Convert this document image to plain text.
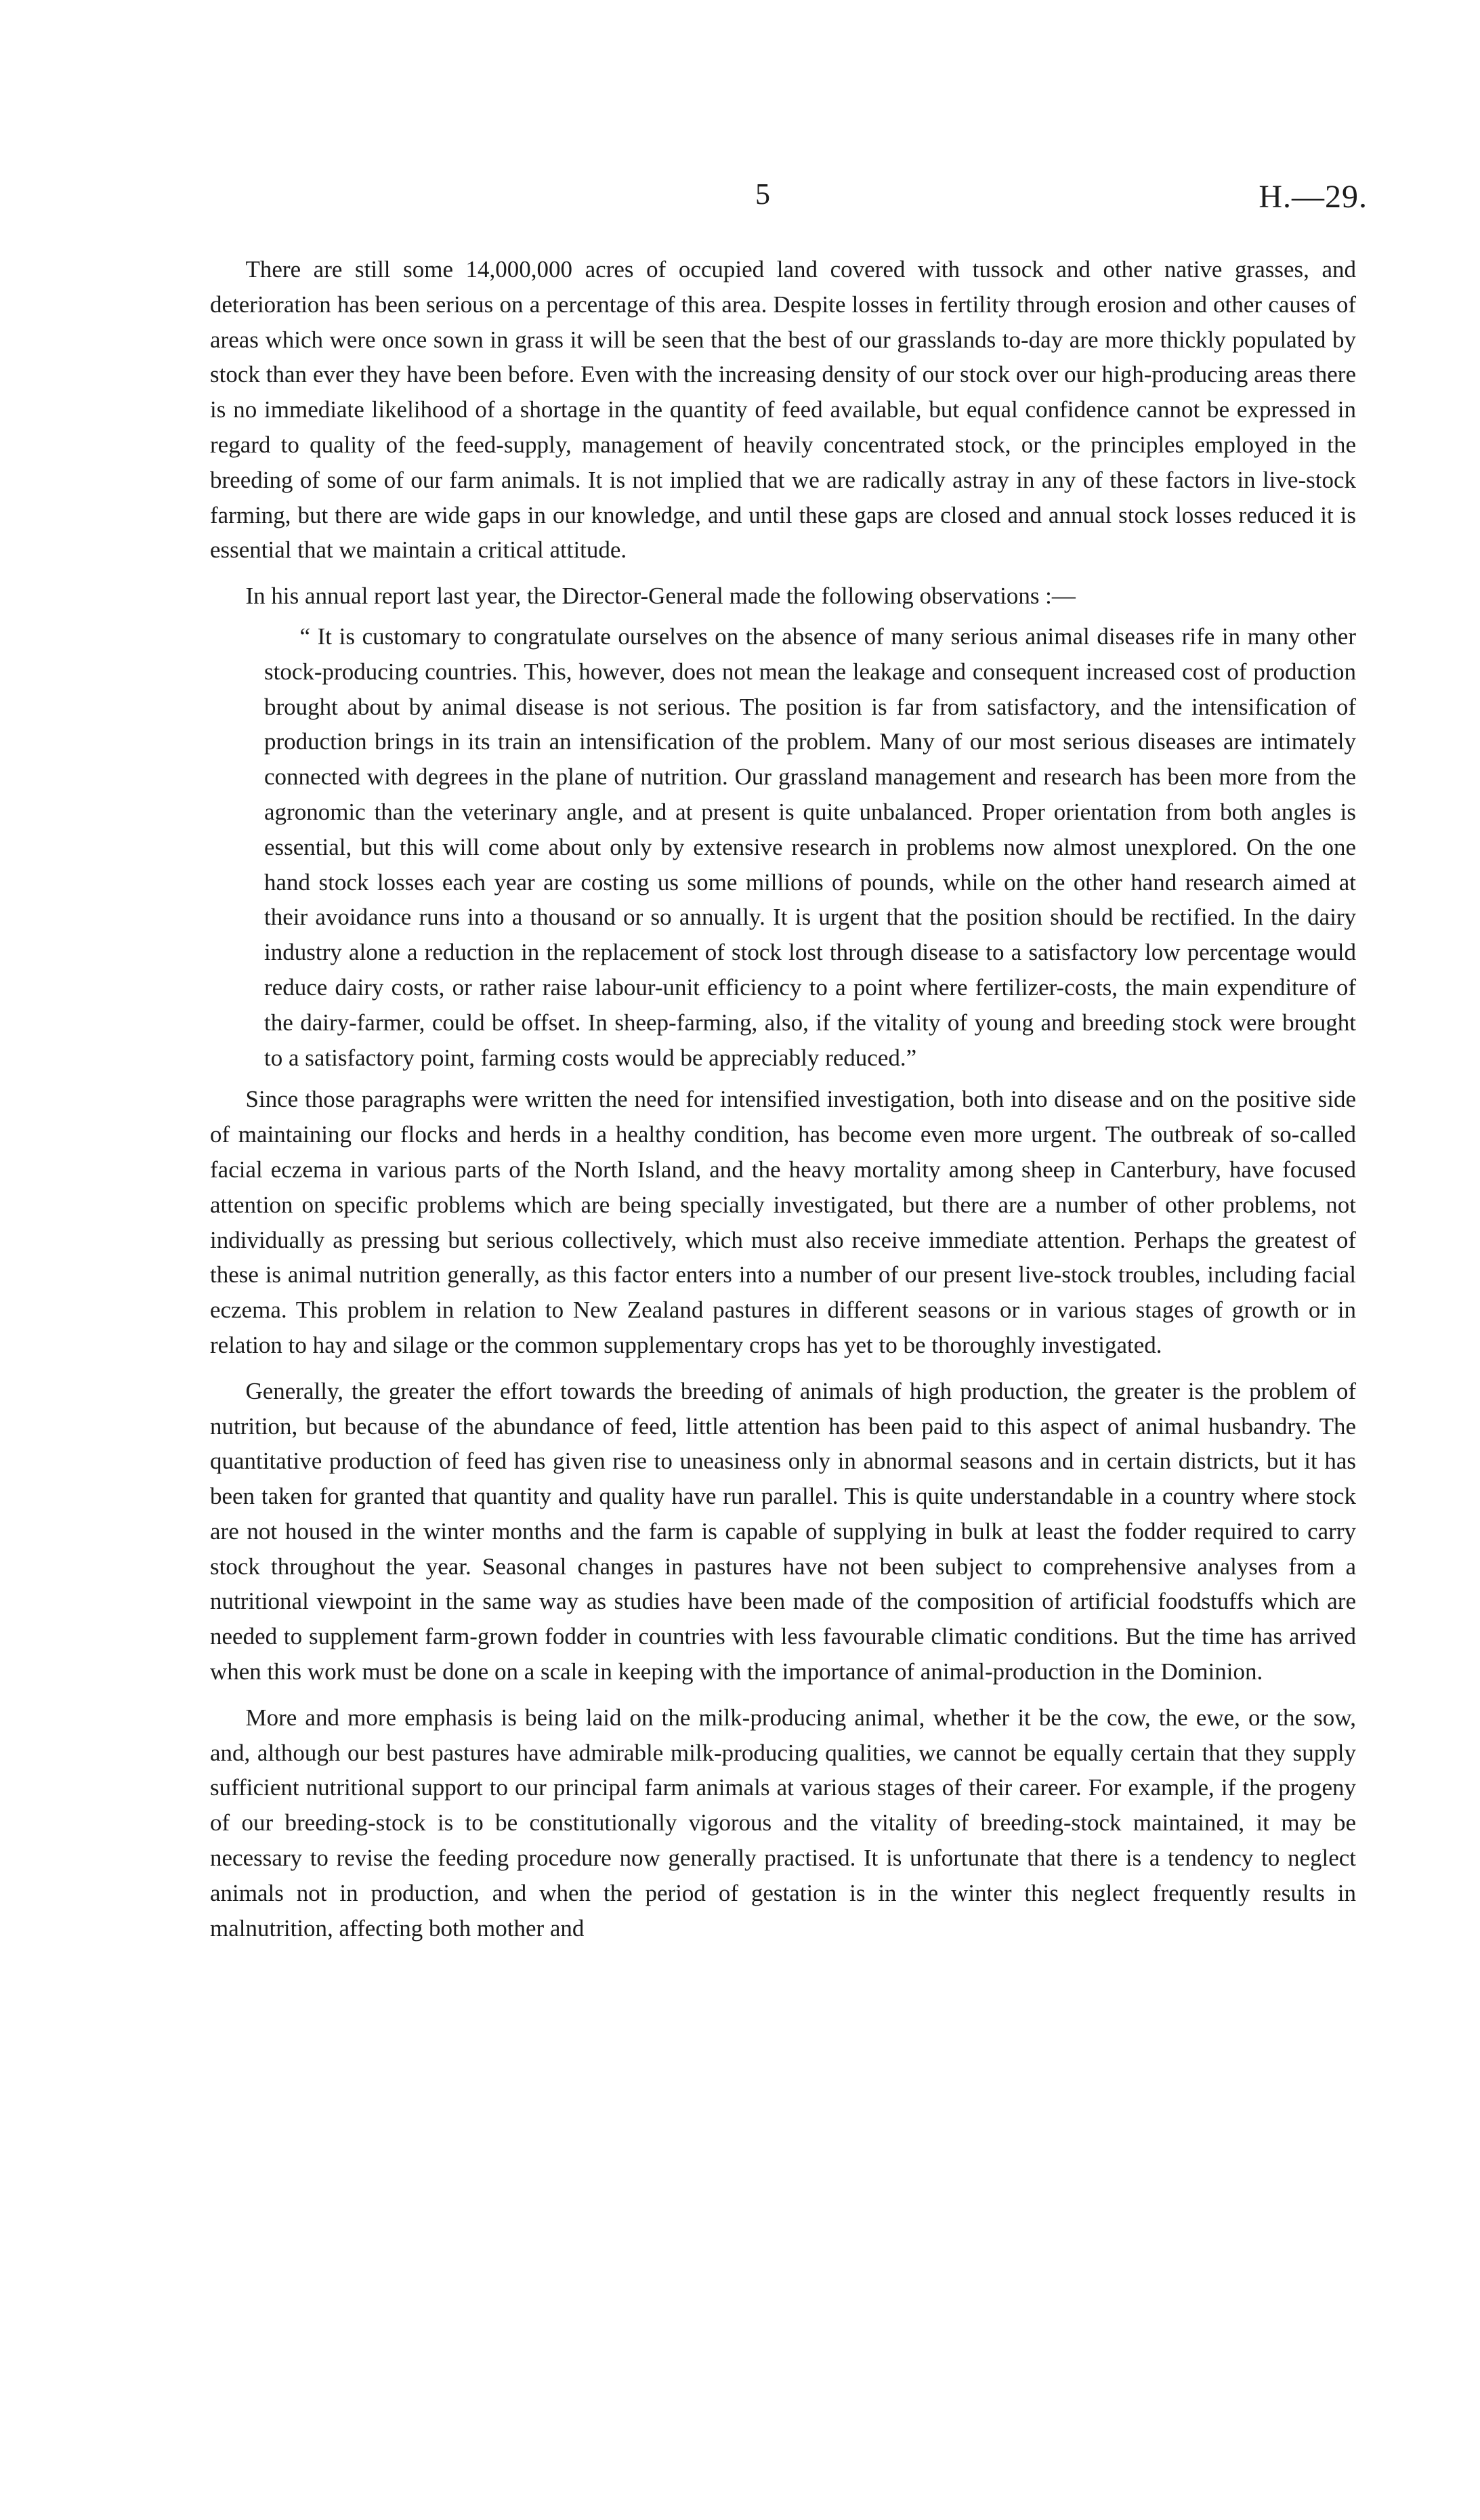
5	H.—29.

There are still some 14,000,000 acres of occupied land covered with tussock and other native grasses, and deterioration has been serious on a percentage of this area. Despite losses in fertility through erosion and other causes of areas which were once sown in grass it will be seen that the best of our grasslands to-day are more thickly populated by stock than ever they have been before. Even with the increasing density of our stock over our high-producing areas there is no immediate likelihood of a shortage in the quantity of feed available, but equal confidence cannot be expressed in regard to quality of the feed-supply, management of heavily concentrated stock, or the principles employed in the breeding of some of our farm animals. It is not implied that we are radically astray in any of these factors in live-stock farming, but there are wide gaps in our knowledge, and until these gaps are closed and annual stock losses reduced it is essential that we maintain a critical attitude.

In his annual report last year, the Director-General made the following observations :—

“ It is customary to congratulate ourselves on the absence of many serious animal diseases rife in many other stock-producing countries. This, however, does not mean the leakage and consequent increased cost of production brought about by animal disease is not serious. The position is far from satisfactory, and the intensification of production brings in its train an intensification of the problem. Many of our most serious diseases are intimately connected with degrees in the plane of nutrition. Our grassland management and research has been more from the agronomic than the veterinary angle, and at present is quite unbalanced. Proper orientation from both angles is essential, but this will come about only by extensive research in problems now almost unexplored. On the one hand stock losses each year are costing us some millions of pounds, while on the other hand research aimed at their avoidance runs into a thousand or so annually. It is urgent that the position should be rectified. In the dairy industry alone a reduction in the replacement of stock lost through disease to a satisfactory low percentage would reduce dairy costs, or rather raise labour-unit efficiency to a point where fertilizer-costs, the main expenditure of the dairy-farmer, could be offset. In sheep-farming, also, if the vitality of young and breeding stock were brought to a satisfactory point, farming costs would be appreciably reduced.”

Since those paragraphs were written the need for intensified investigation, both into disease and on the positive side of maintaining our flocks and herds in a healthy condition, has become even more urgent. The outbreak of so-called facial eczema in various parts of the North Island, and the heavy mortality among sheep in Canterbury, have focused attention on specific problems which are being specially investigated, but there are a number of other problems, not individually as pressing but serious collectively, which must also receive immediate attention. Perhaps the greatest of these is animal nutrition generally, as this factor enters into a number of our present live-stock troubles, including facial eczema. This problem in relation to New Zealand pastures in different seasons or in various stages of growth or in relation to hay and silage or the common supplementary crops has yet to be thoroughly investigated.

Generally, the greater the effort towards the breeding of animals of high production, the greater is the problem of nutrition, but because of the abundance of feed, little attention has been paid to this aspect of animal husbandry. The quantitative production of feed has given rise to uneasiness only in abnormal seasons and in certain districts, but it has been taken for granted that quantity and quality have run parallel. This is quite understandable in a country where stock are not housed in the winter months and the farm is capable of supplying in bulk at least the fodder required to carry stock throughout the year. Seasonal changes in pastures have not been subject to comprehensive analyses from a nutritional viewpoint in the same way as studies have been made of the composition of artificial foodstuffs which are needed to supplement farm-grown fodder in countries with less favourable climatic conditions. But the time has arrived when this work must be done on a scale in keeping with the importance of animal-production in the Dominion.

More and more emphasis is being laid on the milk-producing animal, whether it be the cow, the ewe, or the sow, and, although our best pastures have admirable milk-producing qualities, we cannot be equally certain that they supply sufficient nutritional support to our principal farm animals at various stages of their career. For example, if the progeny of our breeding-stock is to be constitutionally vigorous and the vitality of breeding-stock maintained, it may be necessary to revise the feeding procedure now generally practised. It is unfortunate that there is a tendency to neglect animals not in production, and when the period of gestation is in the winter this neglect frequently results in malnutrition, affecting both mother and
